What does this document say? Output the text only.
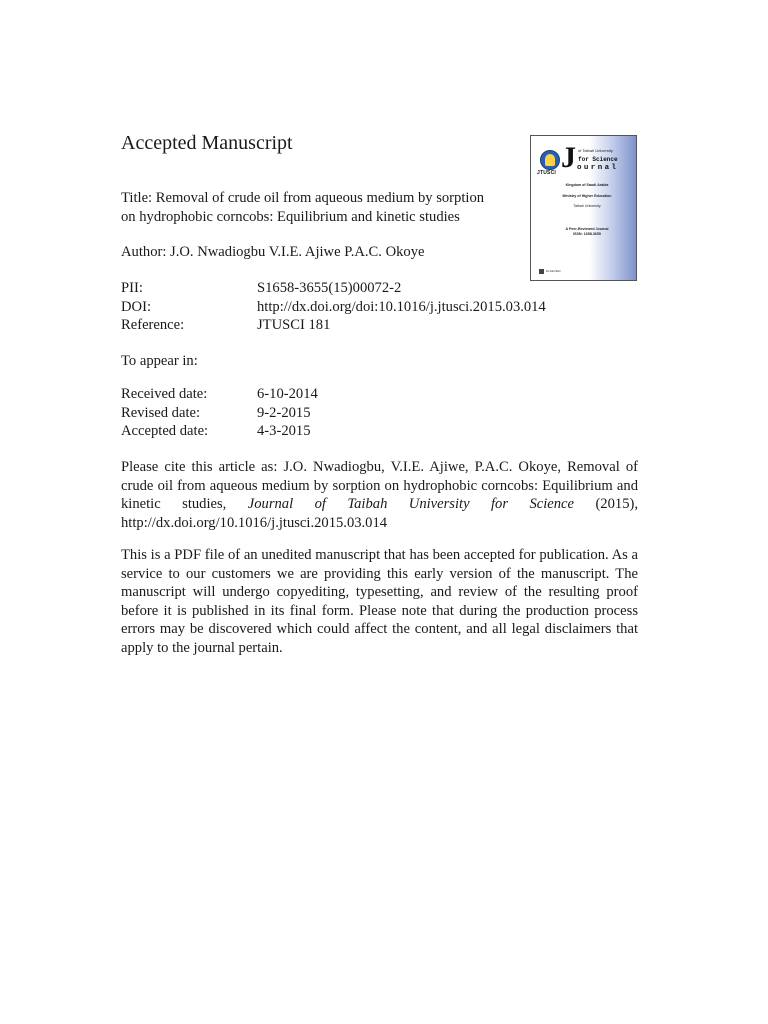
Accepted Manuscript
Title: Removal of crude oil from aqueous medium by sorption
on hydrophobic corncobs: Equilibrium and kinetic studies
Author: J.O. Nwadiogbu V.I.E. Ajiwe P.A.C. Okoye
PII:	S1658-3655(15)00072-2
DOI:	http://dx.doi.org/doi:10.1016/j.jtusci.2015.03.014
Reference:	JTUSCI 181
To appear in:
Received date:	6-10-2014
Revised date:	9-2-2015
Accepted date:	4-3-2015
Please cite this article as: J.O. Nwadiogbu, V.I.E. Ajiwe, P.A.C. Okoye, Removal of crude oil from aqueous medium by sorption on hydrophobic corncobs: Equilibrium and kinetic studies, Journal of Taibah University for Science (2015), http://dx.doi.org/10.1016/j.jtusci.2015.03.014
This is a PDF file of an unedited manuscript that has been accepted for publication. As a service to our customers we are providing this early version of the manuscript. The manuscript will undergo copyediting, typesetting, and review of the resulting proof before it is published in its final form. Please note that during the production process errors may be discovered which could affect the content, and all legal disclaimers that apply to the journal pertain.
JTUSCI J of Taibah University
for Science
ournal
Kingdom of Saudi Arabia
Ministry of Higher Education
Taibah University
A Peer-Reviewed Journal
ISSN: 1658-3655
ELSEVIER
